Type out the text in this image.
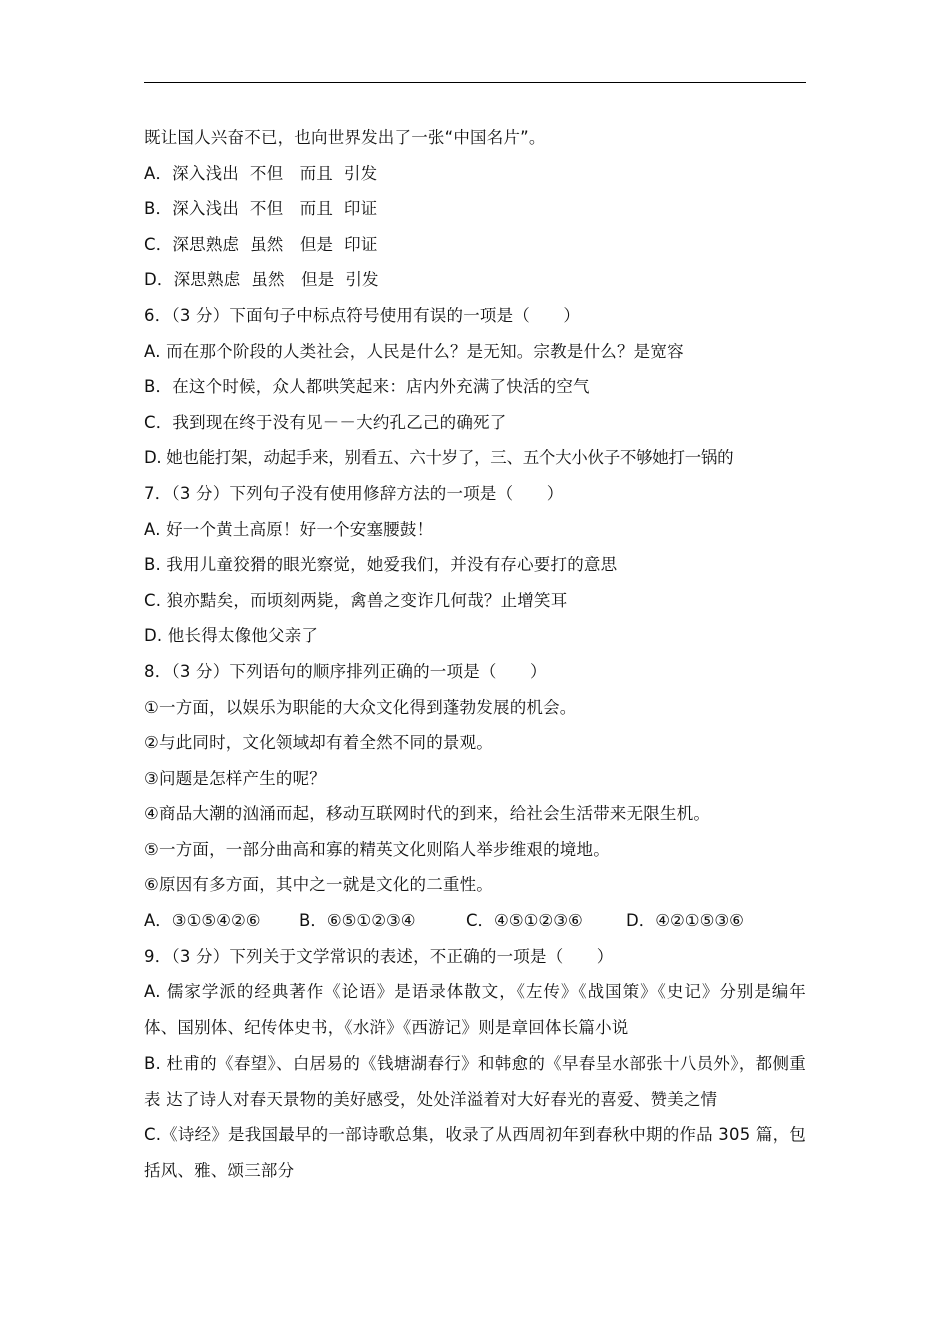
既让国人兴奋不已，也向世界发出了一张“中国名片”。
A．深入浅出  不但   而且  引发
B．深入浅出  不但   而且  印证
C．深思熟虑  虽然   但是  印证
D．深思熟虑  虽然   但是  引发
6．（3 分）下面句子中标点符号使用有误的一项是（　　）
A. 而在那个阶段的人类社会，人民是什么？是无知。宗教是什么？是宽容
B．在这个时候，众人都哄笑起来：店内外充满了快活的空气
C．我到现在终于没有见－－大约孔乙己的确死了
D. 她也能打架，动起手来，别看五、六十岁了，三、五个大小伙子不够她打一锅的
7．（3 分）下列句子没有使用修辞方法的一项是（　　）
A. 好一个黄土高原！好一个安塞腰鼓！
B. 我用儿童狡猾的眼光察觉，她爱我们，并没有存心要打的意思
C. 狼亦黠矣，而顷刻两毙，禽兽之变诈几何哉？止增笑耳
D. 他长得太像他父亲了
8．（3 分）下列语句的顺序排列正确的一项是（　　）
①一方面，以娱乐为职能的大众文化得到蓬勃发展的机会。
②与此同时，文化领域却有着全然不同的景观。
③问题是怎样产生的呢？
④商品大潮的汹涌而起，移动互联网时代的到来，给社会生活带来无限生机。
⑤一方面，一部分曲高和寡的精英文化则陷人举步维艰的境地。
⑥原因有多方面，其中之一就是文化的二重性。
A．③①⑤④②⑥	B．⑥⑤①②③④	C．④⑤①②③⑥	D．④②①⑤③⑥
9．（3 分）下列关于文学常识的表述，不正确的一项是（　　）
A. 儒家学派的经典著作《论语》是语录体散文，《左传》《战国策》《史记》分别是编年体、国别体、纪传体史书，《水浒》《西游记》则是章回体长篇小说
B. 杜甫的《春望》、白居易的《钱塘湖春行》和韩愈的《早春呈水部张十八员外》，都侧重表 达了诗人对春天景物的美好感受，处处洋溢着对大好春光的喜爱、赞美之情
C.《诗经》是我国最早的一部诗歌总集，收录了从西周初年到春秋中期的作品 305 篇，包括风、雅、颂三部分
